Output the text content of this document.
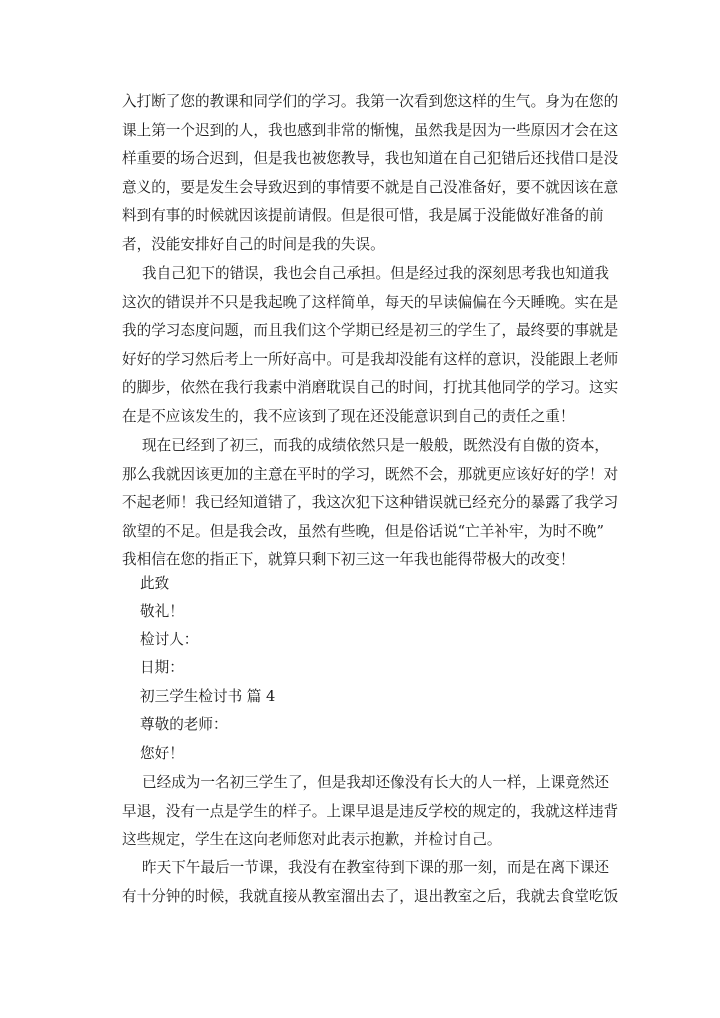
入打断了您的教课和同学们的学习。我第一次看到您这样的生气。身为在您的
课上第一个迟到的人，我也感到非常的惭愧，虽然我是因为一些原因才会在这
样重要的场合迟到，但是我也被您教导，我也知道在自己犯错后还找借口是没
意义的，要是发生会导致迟到的事情要不就是自己没准备好，要不就因该在意
料到有事的时候就因该提前请假。但是很可惜，我是属于没能做好准备的前
者，没能安排好自己的时间是我的失误。
我自己犯下的错误，我也会自己承担。但是经过我的深刻思考我也知道我
这次的错误并不只是我起晚了这样简单，每天的早读偏偏在今天睡晚。实在是
我的学习态度问题，而且我们这个学期已经是初三的学生了，最终要的事就是
好好的学习然后考上一所好高中。可是我却没能有这样的意识，没能跟上老师
的脚步，依然在我行我素中消磨耽误自己的时间，打扰其他同学的学习。这实
在是不应该发生的，我不应该到了现在还没能意识到自己的责任之重！
现在已经到了初三，而我的成绩依然只是一般般，既然没有自傲的资本，
那么我就因该更加的主意在平时的学习，既然不会，那就更应该好好的学！对
不起老师！我已经知道错了，我这次犯下这种错误就已经充分的暴露了我学习
欲望的不足。但是我会改，虽然有些晚，但是俗话说“亡羊补牢，为时不晚”
我相信在您的指正下，就算只剩下初三这一年我也能得带极大的改变！
此致
敬礼！
检讨人：
日期：
初三学生检讨书 篇 4
尊敬的老师：
您好！
已经成为一名初三学生了，但是我却还像没有长大的人一样，上课竟然还
早退，没有一点是学生的样子。上课早退是违反学校的规定的，我就这样违背
这些规定，学生在这向老师您对此表示抱歉，并检讨自己。
昨天下午最后一节课，我没有在教室待到下课的那一刻，而是在离下课还
有十分钟的时候，我就直接从教室溜出去了，退出教室之后，我就去食堂吃饭
